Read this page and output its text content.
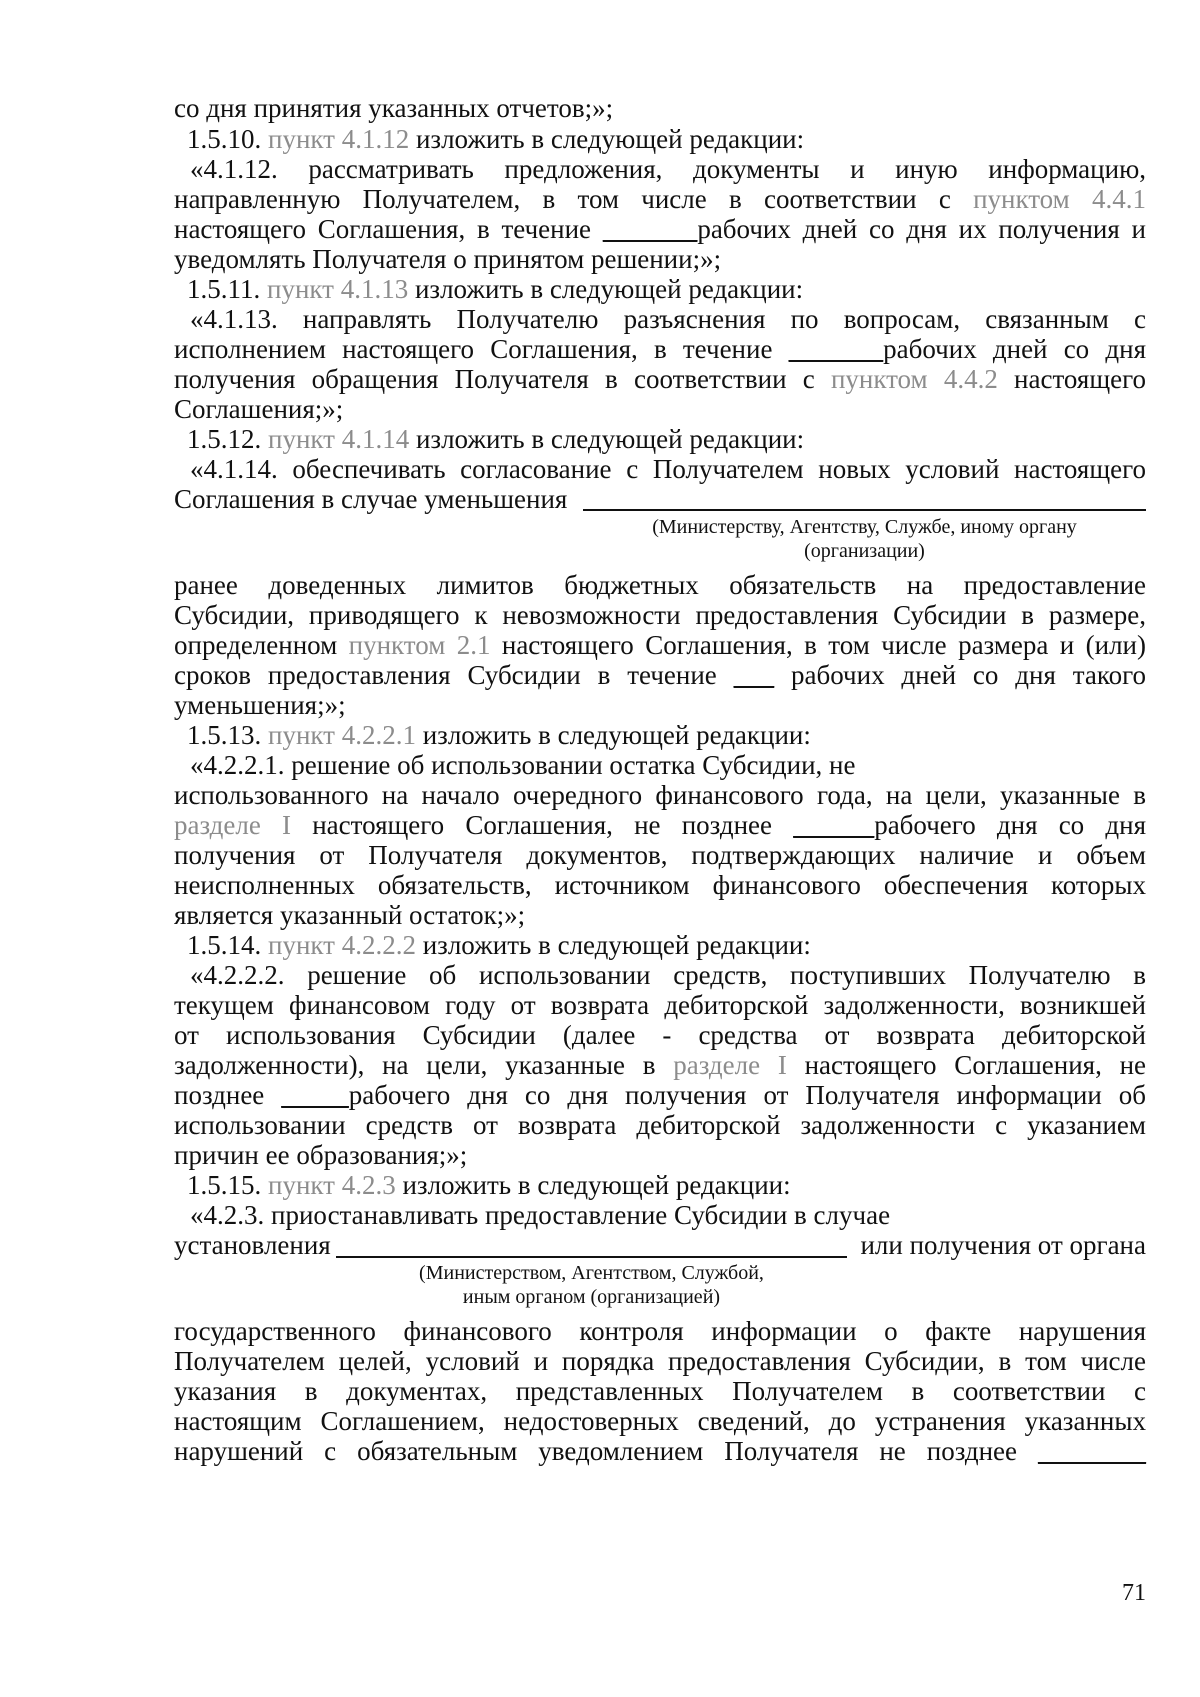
со дня принятия указанных отчетов;»;
1.5.10. пункт 4.1.12 изложить в следующей редакции:
«4.1.12. рассматривать предложения, документы и иную информацию,
направленную Получателем, в том числе в соответствии с пунктом 4.4.1
настоящего Соглашения, в течение _______рабочих дней со дня их получения и
уведомлять Получателя о принятом решении;»;
1.5.11. пункт 4.1.13 изложить в следующей редакции:
«4.1.13. направлять Получателю разъяснения по вопросам, связанным с
исполнением настоящего Соглашения, в течение _______рабочих дней со дня
получения обращения Получателя в соответствии с пунктом 4.4.2 настоящего
Соглашения;»;
1.5.12. пункт 4.1.14 изложить в следующей редакции:
«4.1.14. обеспечивать согласование с Получателем новых условий настоящего
Соглашения в случае уменьшения
(Министерству, Агентству, Службе, иному органу
(организации)
ранее доведенных лимитов бюджетных обязательств на предоставление
Субсидии, приводящего к невозможности предоставления Субсидии в размере,
определенном пунктом 2.1 настоящего Соглашения, в том числе размера и (или)
сроков предоставления Субсидии в течение ___ рабочих дней со дня такого
уменьшения;»;
1.5.13. пункт 4.2.2.1 изложить в следующей редакции:
«4.2.2.1. решение об использовании остатка Субсидии, не
использованного на начало очередного финансового года, на цели, указанные в
разделе I настоящего Соглашения, не позднее ______рабочего дня со дня
получения от Получателя документов, подтверждающих наличие и объем
неисполненных обязательств, источником финансового обеспечения которых
является указанный остаток;»;
1.5.14. пункт 4.2.2.2 изложить в следующей редакции:
«4.2.2.2. решение об использовании средств, поступивших Получателю в
текущем финансовом году от возврата дебиторской задолженности, возникшей
от использования Субсидии (далее - средства от возврата дебиторской
задолженности), на цели, указанные в разделе I настоящего Соглашения, не
позднее _____рабочего дня со дня получения от Получателя информации об
использовании средств от возврата дебиторской задолженности с указанием
причин ее образования;»;
1.5.15. пункт 4.2.3 изложить в следующей редакции:
«4.2.3. приостанавливать предоставление Субсидии в случае
установления	или получения от органа
(Министерством, Агентством, Службой,
иным органом (организацией)
государственного финансового контроля информации о факте нарушения
Получателем целей, условий и порядка предоставления Субсидии, в том числе
указания в документах, представленных Получателем в соответствии с
настоящим Соглашением, недостоверных сведений, до устранения указанных
нарушений с обязательным уведомлением Получателя не позднее ________
71
